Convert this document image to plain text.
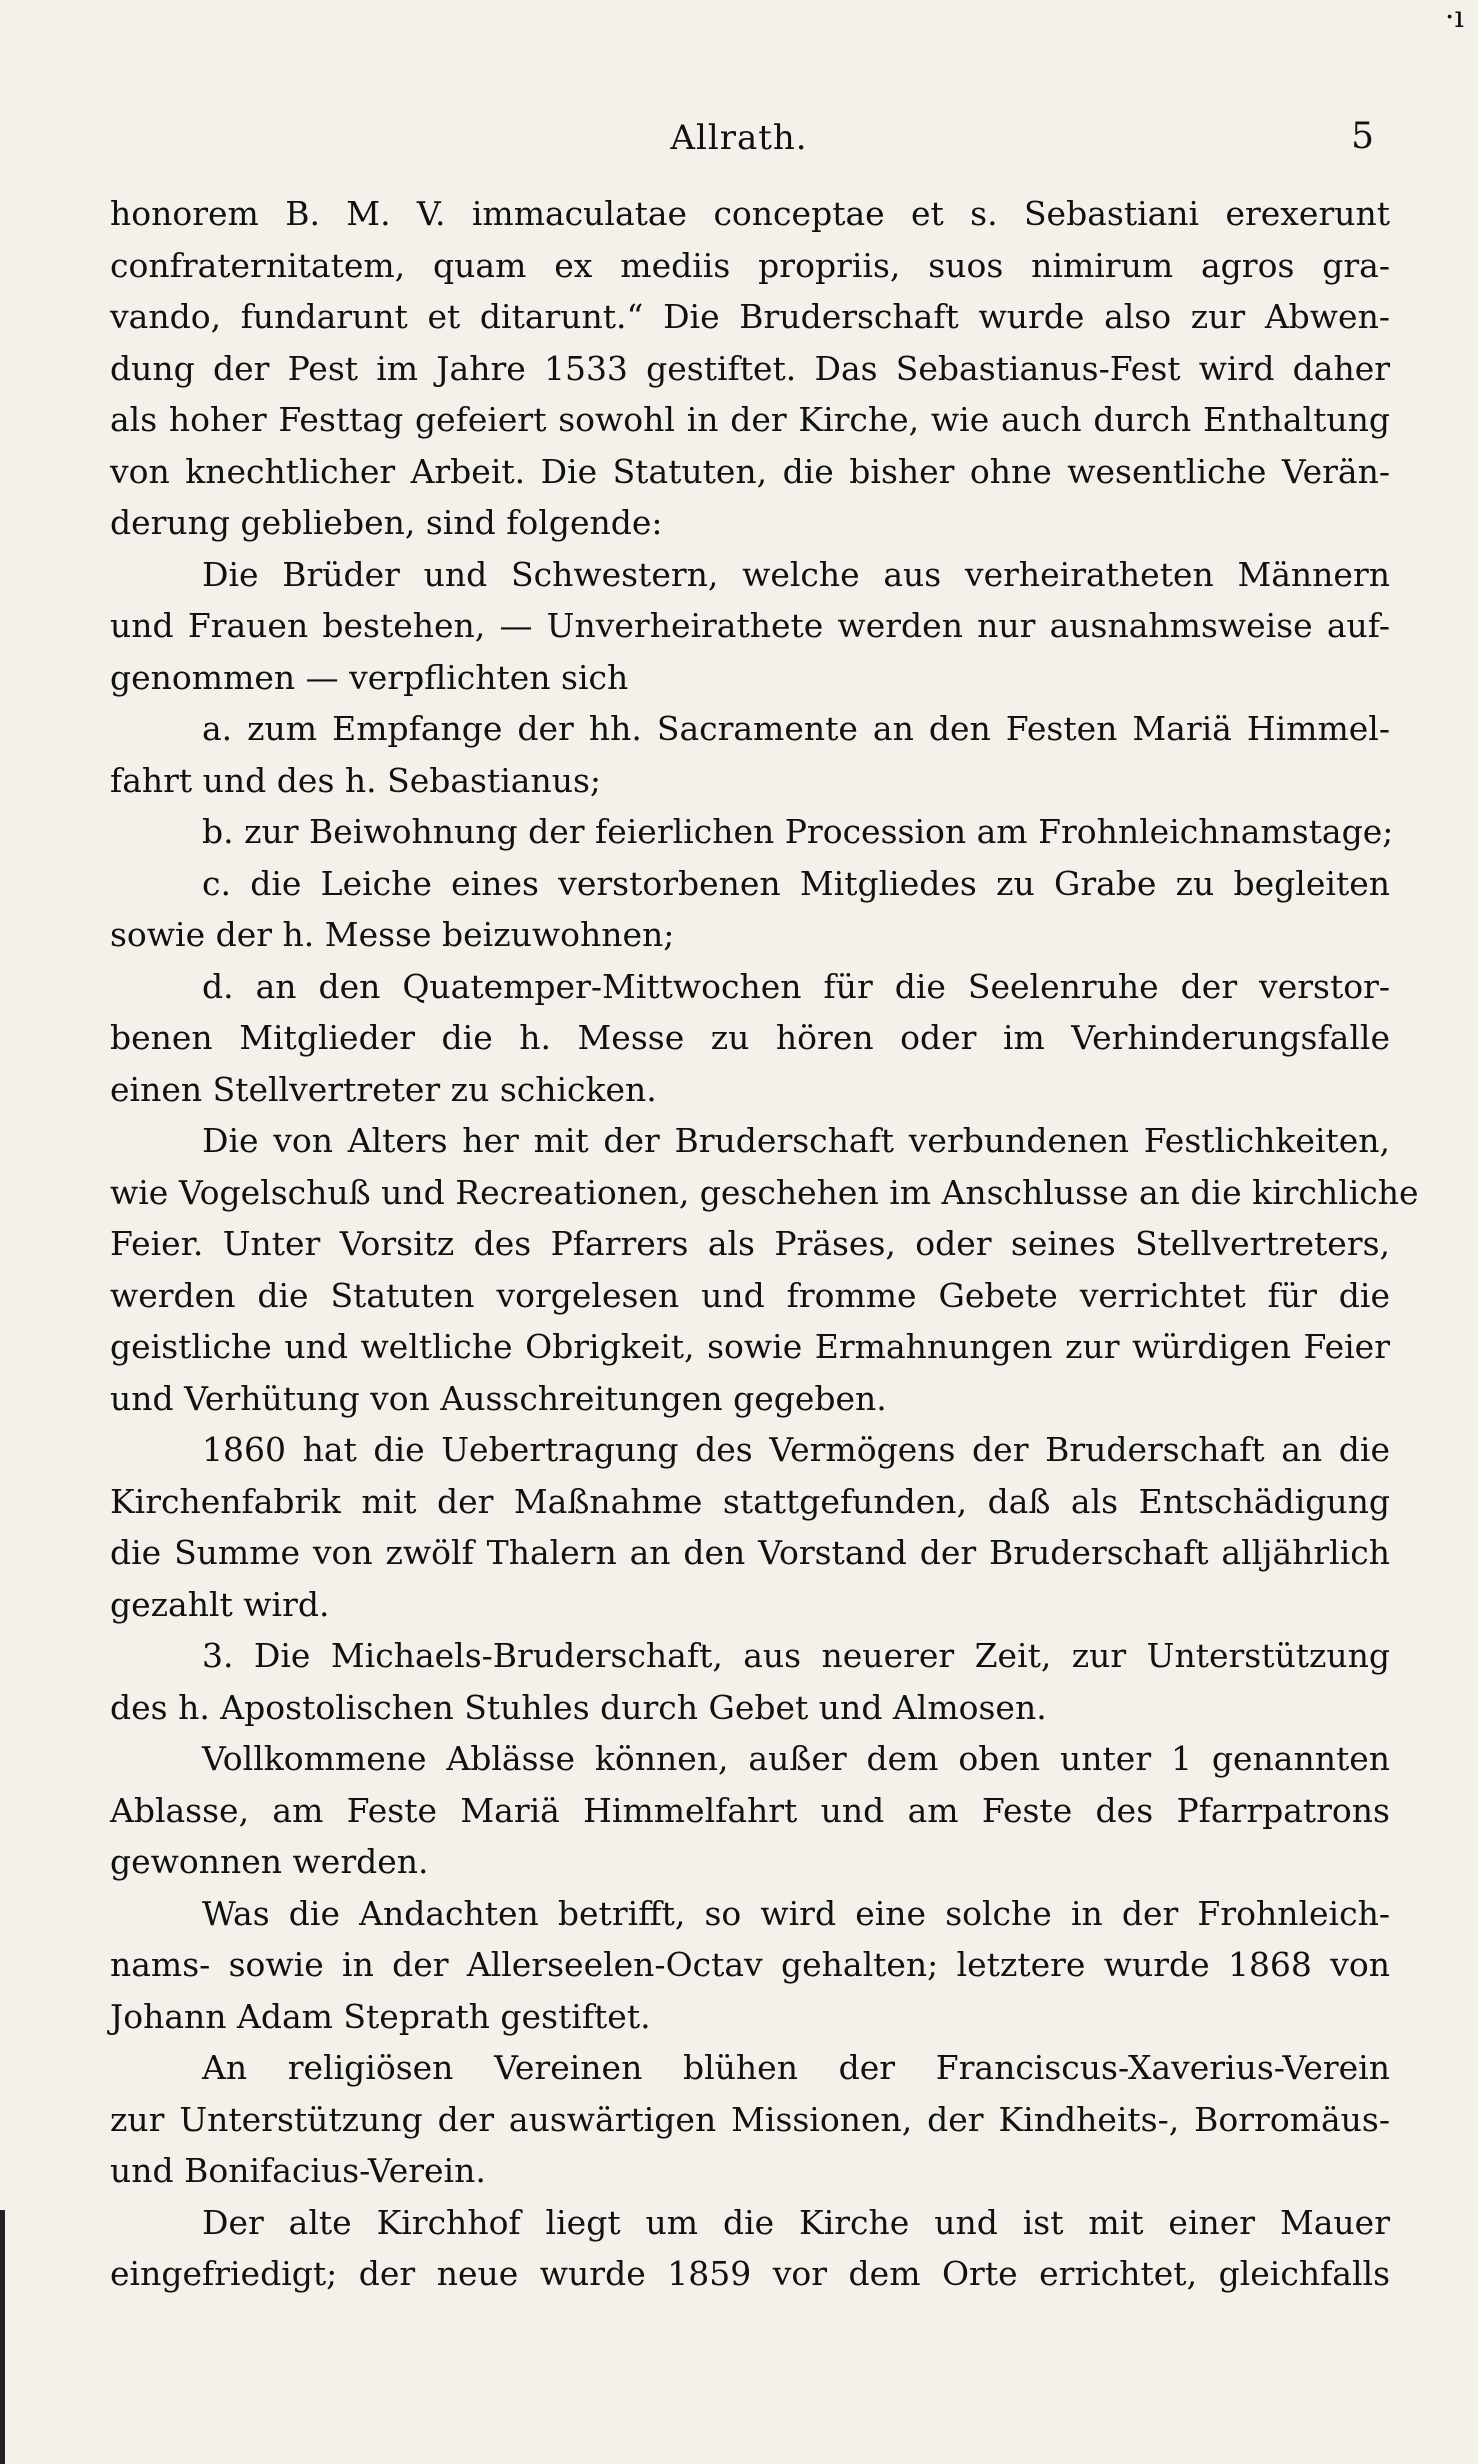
·ı
Allrath.	5
honorem B. M. V. immaculatae conceptae et s. Sebastiani erexerunt
confraternitatem, quam ex mediis propriis, suos nimirum agros gra-
vando, fundarunt et ditarunt.“ Die Bruderschaft wurde also zur Abwen-
dung der Pest im Jahre 1533 gestiftet. Das Sebastianus-Fest wird daher
als hoher Festtag gefeiert sowohl in der Kirche, wie auch durch Enthaltung
von knechtlicher Arbeit. Die Statuten, die bisher ohne wesentliche Verän-
derung geblieben, sind folgende:
Die Brüder und Schwestern, welche aus verheiratheten Männern
und Frauen bestehen, — Unverheirathete werden nur ausnahmsweise auf-
genommen — verpflichten sich
a. zum Empfange der hh. Sacramente an den Festen Mariä Himmel-
fahrt und des h. Sebastianus;
b. zur Beiwohnung der feierlichen Procession am Frohnleichnamstage;
c. die Leiche eines verstorbenen Mitgliedes zu Grabe zu begleiten
sowie der h. Messe beizuwohnen;
d. an den Quatemper-Mittwochen für die Seelenruhe der verstor-
benen Mitglieder die h. Messe zu hören oder im Verhinderungsfalle
einen Stellvertreter zu schicken.
Die von Alters her mit der Bruderschaft verbundenen Festlichkeiten,
wie Vogelschuß und Recreationen, geschehen im Anschlusse an die kirchliche
Feier. Unter Vorsitz des Pfarrers als Präses, oder seines Stellvertreters,
werden die Statuten vorgelesen und fromme Gebete verrichtet für die
geistliche und weltliche Obrigkeit, sowie Ermahnungen zur würdigen Feier
und Verhütung von Ausschreitungen gegeben.
1860 hat die Uebertragung des Vermögens der Bruderschaft an die
Kirchenfabrik mit der Maßnahme stattgefunden, daß als Entschädigung
die Summe von zwölf Thalern an den Vorstand der Bruderschaft alljährlich
gezahlt wird.
3. Die Michaels-Bruderschaft, aus neuerer Zeit, zur Unterstützung
des h. Apostolischen Stuhles durch Gebet und Almosen.
Vollkommene Ablässe können, außer dem oben unter 1 genannten
Ablasse, am Feste Mariä Himmelfahrt und am Feste des Pfarrpatrons
gewonnen werden.
Was die Andachten betrifft, so wird eine solche in der Frohnleich-
nams- sowie in der Allerseelen-Octav gehalten; letztere wurde 1868 von
Johann Adam Steprath gestiftet.
An religiösen Vereinen blühen der Franciscus-Xaverius-Verein
zur Unterstützung der auswärtigen Missionen, der Kindheits-, Borromäus-
und Bonifacius-Verein.
Der alte Kirchhof liegt um die Kirche und ist mit einer Mauer
eingefriedigt; der neue wurde 1859 vor dem Orte errichtet, gleichfalls
